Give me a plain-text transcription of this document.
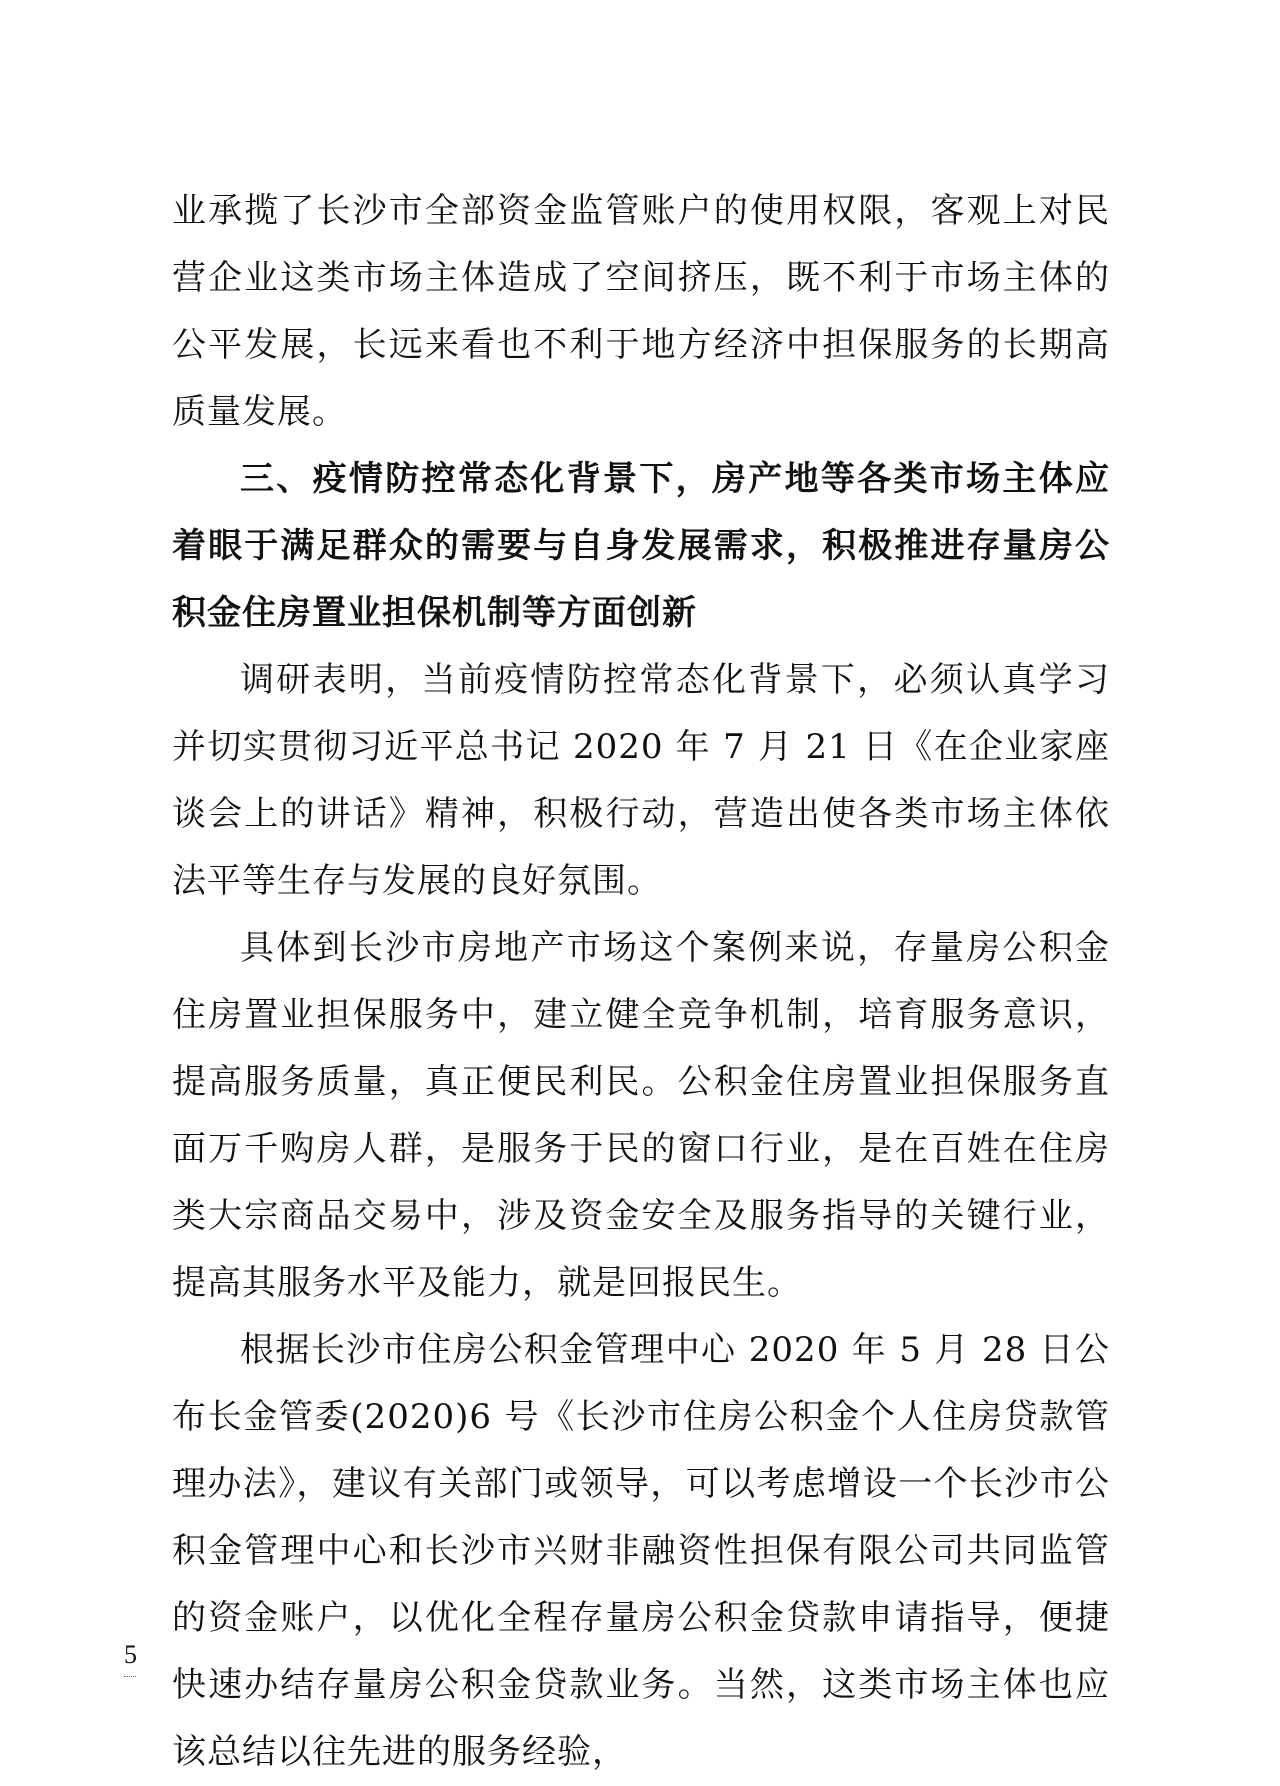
业承揽了长沙市全部资金监管账户的使用权限，客观上对民营企业这类市场主体造成了空间挤压，既不利于市场主体的公平发展，长远来看也不利于地方经济中担保服务的长期高质量发展。

三、疫情防控常态化背景下，房产地等各类市场主体应着眼于满足群众的需要与自身发展需求，积极推进存量房公积金住房置业担保机制等方面创新

调研表明，当前疫情防控常态化背景下，必须认真学习并切实贯彻习近平总书记 2020 年 7 月 21 日《在企业家座谈会上的讲话》精神，积极行动，营造出使各类市场主体依法平等生存与发展的良好氛围。

具体到长沙市房地产市场这个案例来说，存量房公积金住房置业担保服务中，建立健全竞争机制，培育服务意识，提高服务质量，真正便民利民。公积金住房置业担保服务直面万千购房人群，是服务于民的窗口行业，是在百姓在住房类大宗商品交易中，涉及资金安全及服务指导的关键行业，提高其服务水平及能力，就是回报民生。

根据长沙市住房公积金管理中心 2020 年 5 月 28 日公布长金管委(2020)6 号《长沙市住房公积金个人住房贷款管理办法》，建议有关部门或领导，可以考虑增设一个长沙市公积金管理中心和长沙市兴财非融资性担保有限公司共同监管的资金账户，以优化全程存量房公积金贷款申请指导，便捷快速办结存量房公积金贷款业务。当然，这类市场主体也应该总结以往先进的服务经验，

5
